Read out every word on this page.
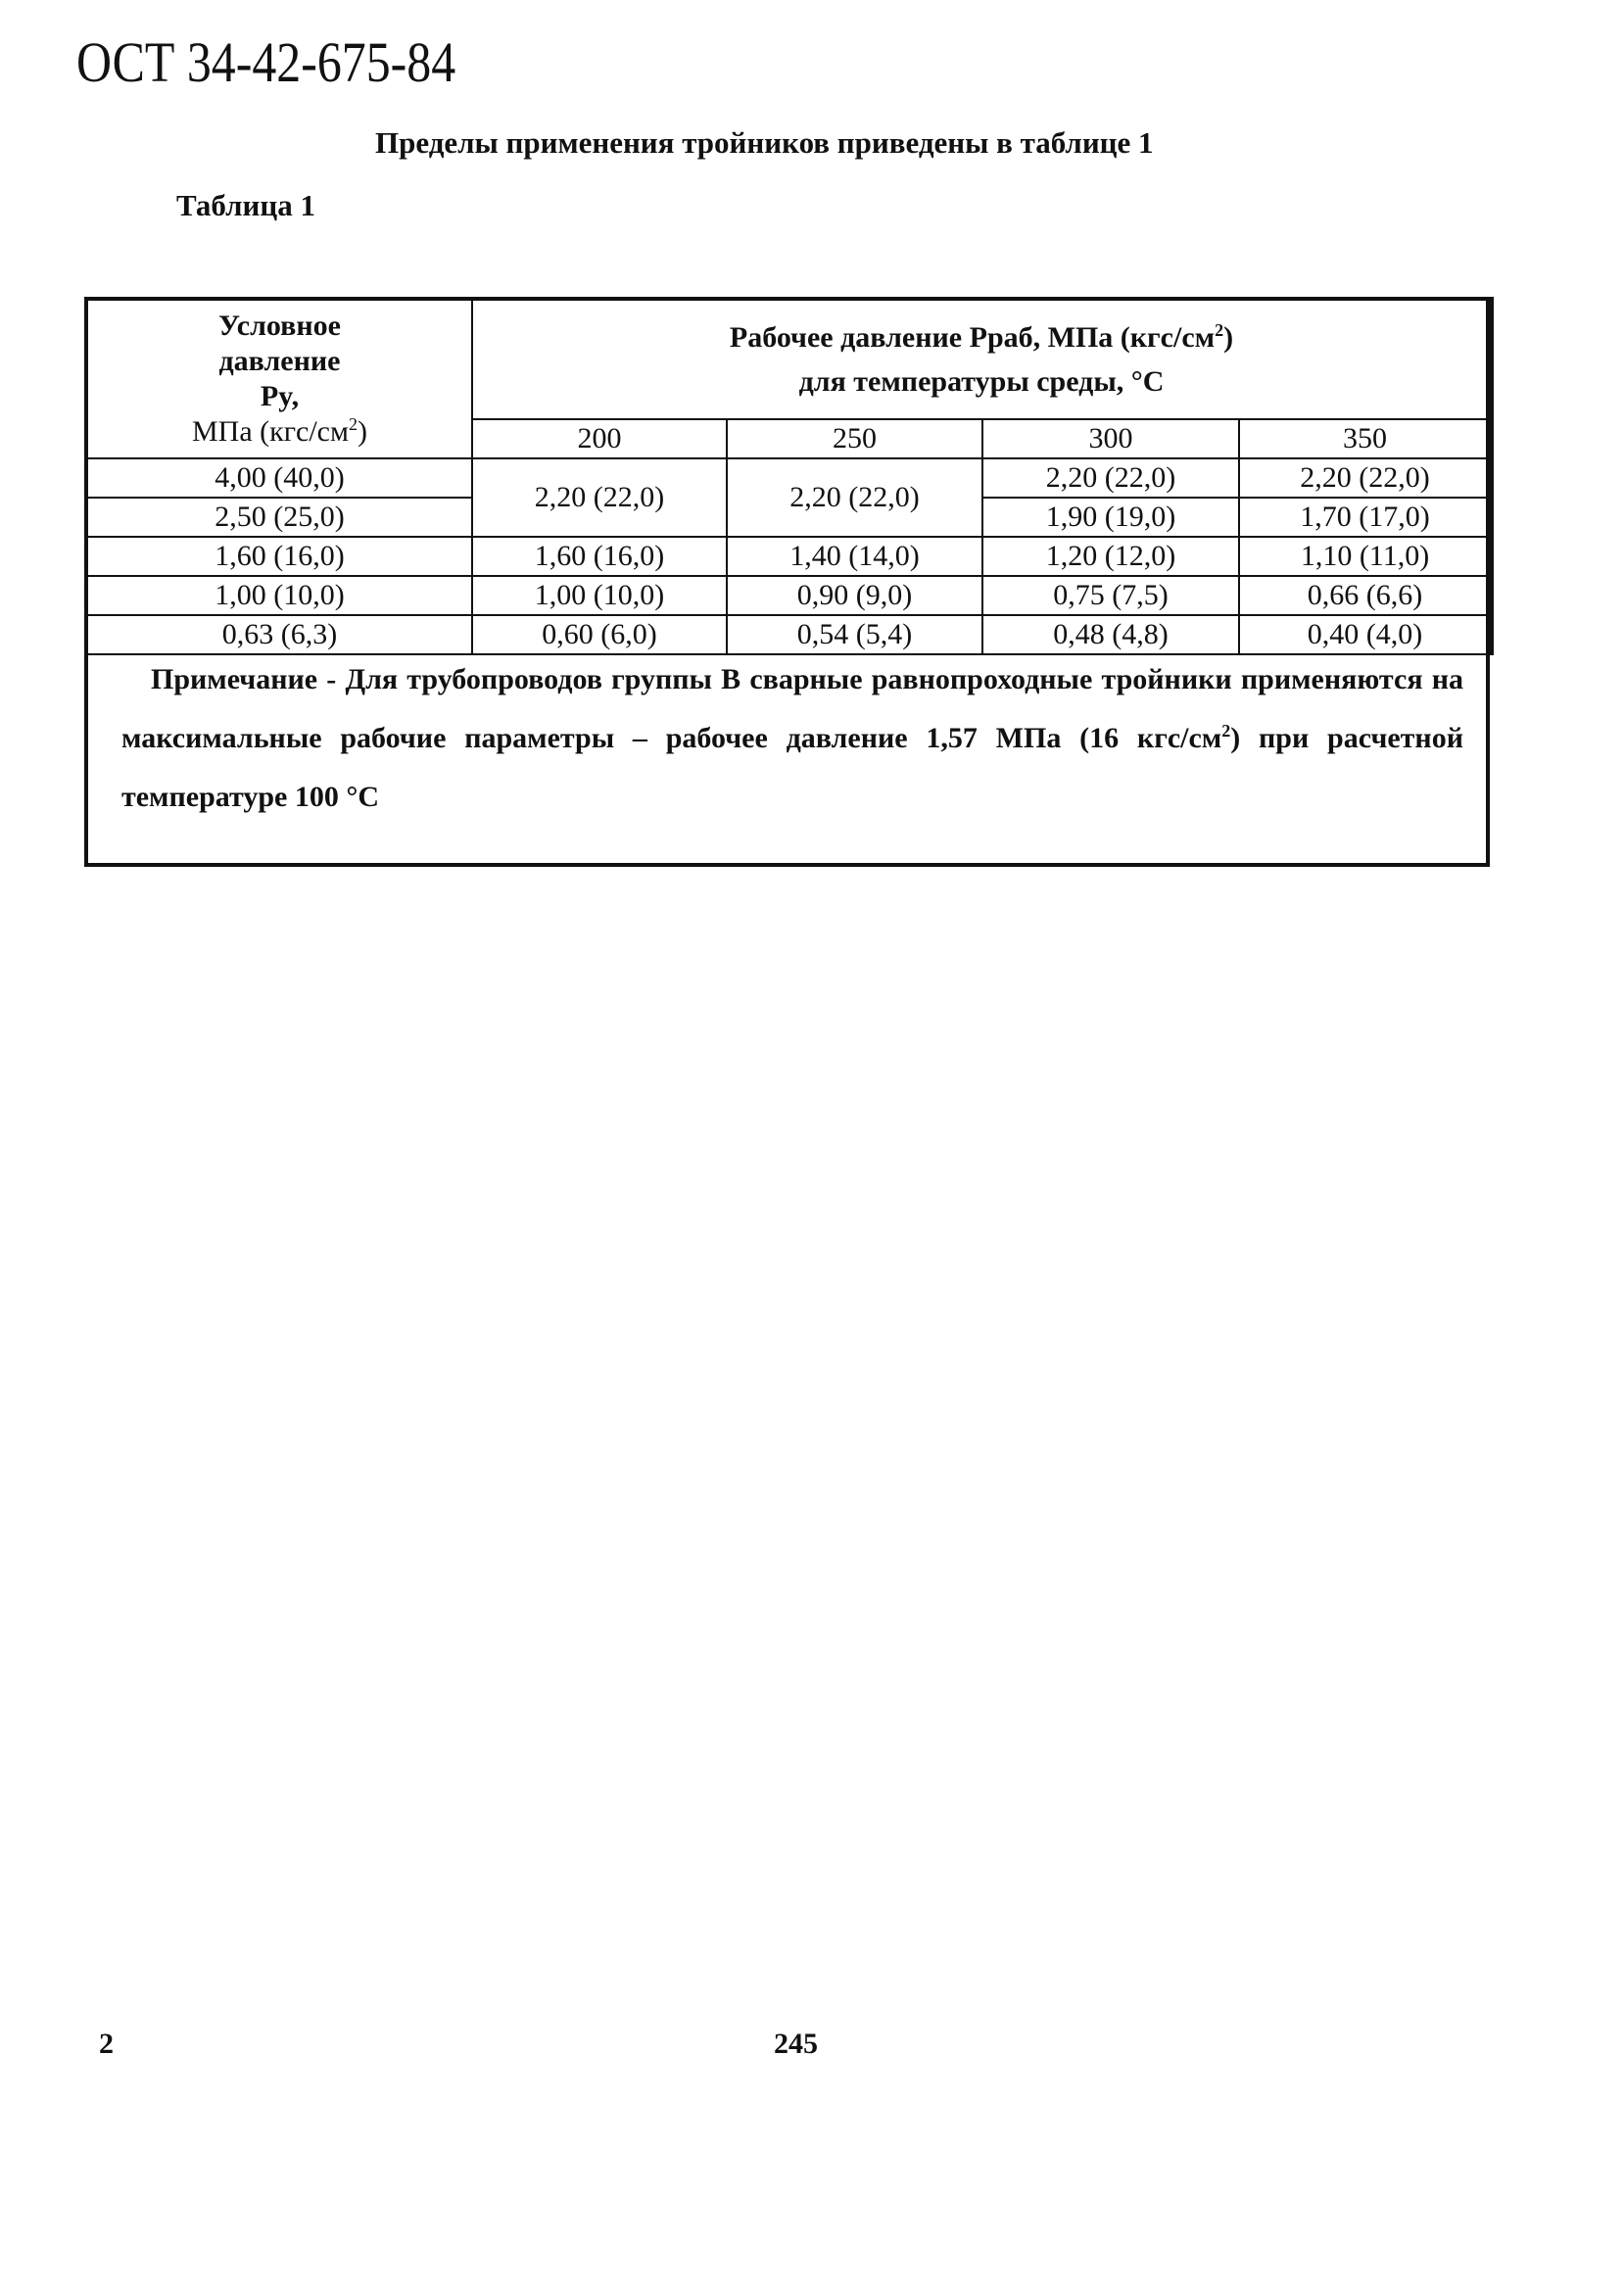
ОСТ 34-42-675-84
Пределы применения тройников приведены в таблице 1
Таблица 1
Условное
давление
Py,
МПа $(кгс/см^2)$	Рабочее давление Рраб, МПа $(кгс/см^2)$
для температуры среды, °С			
	200	250	300	350
4,00 (40,0)	2,20 (22,0)	2,20 (22,0)	2,20 (22,0)	2,20 (22,0)
2,50 (25,0)			1,90 (19,0)	1,70 (17,0)
1,60 (16,0)	1,60 (16,0)	1,40 (14,0)	1,20 (12,0)	1,10 (11,0)
1,00 (10,0)	1,00 (10,0)	0,90 (9,0)	0,75 (7,5)	0,66 (6,6)
0,63 (6,3)	0,60 (6,0)	0,54 (5,4)	0,48 (4,8)	0,40 (4,0)
Примечание - Для трубопроводов группы В сварные равнопроходные тройники применяются на максимальные рабочие параметры – рабочее давление 1,57 МПа (16 кгс/$см^2$) при расчетной температуре 100 °С
2	245
